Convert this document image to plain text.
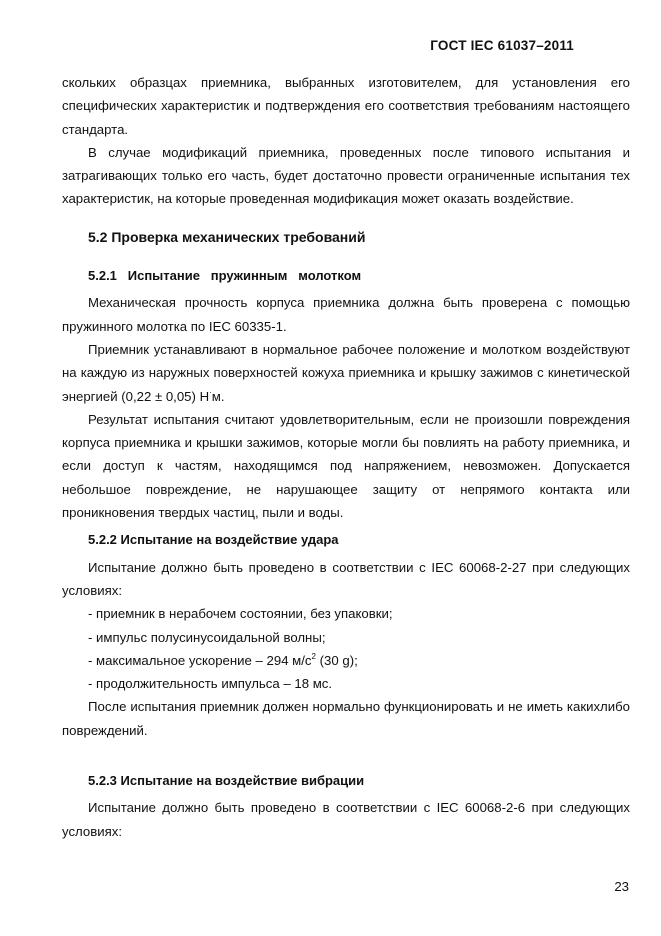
ГОСТ IEC 61037–2011

скольких образцах приемника, выбранных изготовителем, для установления его специфических характеристик и подтверждения его соответствия требованиям настоящего стандарта.

В случае модификаций приемника, проведенных после типового испытания и затрагивающих только его часть, будет достаточно провести ограниченные испытания тех характеристик, на которые проведенная модификация может оказать воздействие.

5.2 Проверка механических требований

5.2.1   Испытание   пружинным   молотком

Механическая прочность корпуса приемника должна быть проверена с помощью пружинного молотка по IEC 60335-1.

Приемник устанавливают в нормальное рабочее положение и молотком воздействуют на каждую из наружных поверхностей кожуха приемника и крышку зажимов с кинетической энергией (0,22 ± 0,05) Н·м.

Результат испытания считают удовлетворительным, если не произошли повреждения корпуса приемника и крышки зажимов, которые могли бы повлиять на работу приемника, и если доступ к частям, находящимся под напряжением, невозможен. Допускается небольшое повреждение, не нарушающее защиту от непрямого контакта или проникновения твердых частиц, пыли и воды.

5.2.2 Испытание на воздействие удара

Испытание должно быть проведено в соответствии с IEC 60068-2-27 при следующих условиях:

- приемник в нерабочем состоянии, без упаковки;

- импульс полусинусоидальной волны;

- максимальное ускорение – 294 $м/с^2$ (30 g);

- продолжительность импульса – 18 мс.

После испытания приемник должен нормально функционировать и не иметь какихлибо повреждений.

5.2.3 Испытание на воздействие вибрации

Испытание должно быть проведено в соответствии с IEC 60068-2-6 при следующих условиях:

23
